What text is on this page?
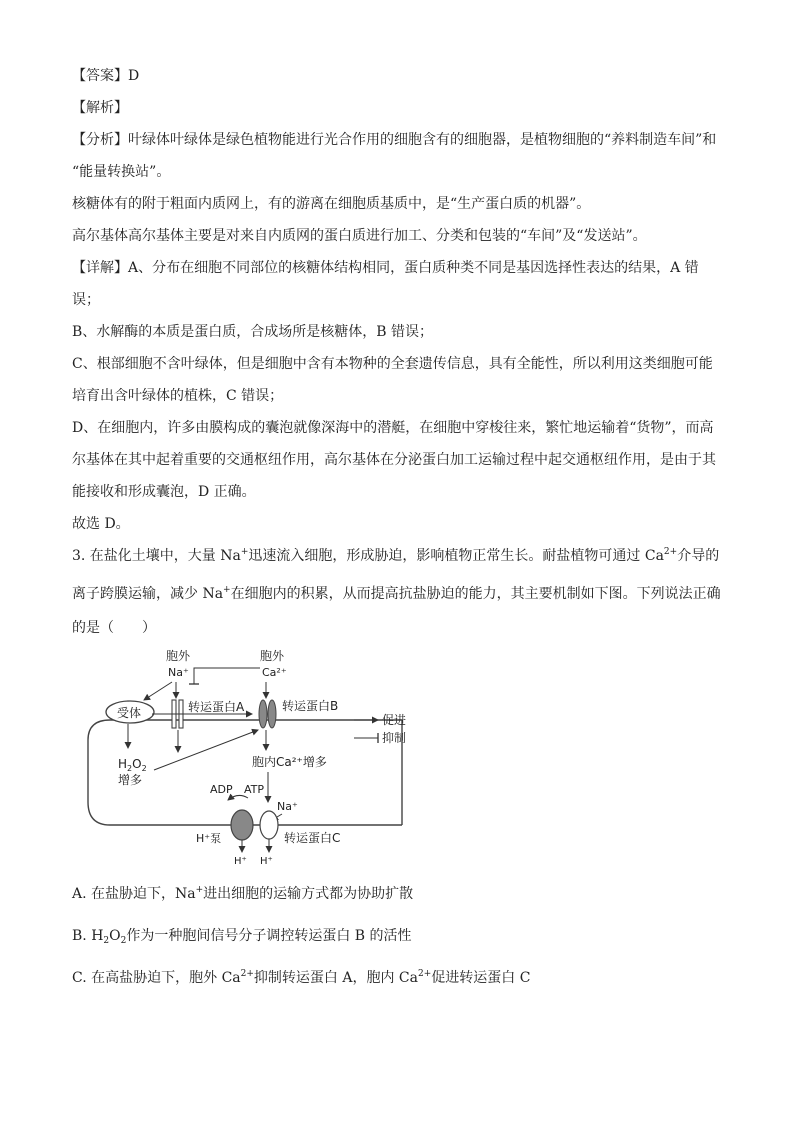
【答案】D
【解析】
【分析】叶绿体叶绿体是绿色植物能进行光合作用的细胞含有的细胞器，是植物细胞的“养料制造车间”和
“能量转换站”。
核糖体有的附于粗面内质网上，有的游离在细胞质基质中，是“生产蛋白质的机器”。
高尔基体高尔基体主要是对来自内质网的蛋白质进行加工、分类和包装的“车间”及“发送站”。
【详解】A、分布在细胞不同部位的核糖体结构相同，蛋白质种类不同是基因选择性表达的结果，A 错
误；
B、水解酶的本质是蛋白质，合成场所是核糖体，B 错误；
C、根部细胞不含叶绿体，但是细胞中含有本物种的全套遗传信息，具有全能性，所以利用这类细胞可能
培育出含叶绿体的植株，C 错误；
D、在细胞内，许多由膜构成的囊泡就像深海中的潜艇，在细胞中穿梭往来，繁忙地运输着“货物”，而高
尔基体在其中起着重要的交通枢纽作用，高尔基体在分泌蛋白加工运输过程中起交通枢纽作用，是由于其
能接收和形成囊泡，D 正确。
故选 D。
3. 在盐化土壤中，大量 Na+迅速流入细胞，形成胁迫，影响植物正常生长。耐盐植物可通过 $Ca^{2+}$介导的
离子跨膜运输，减少 Na+在细胞内的积累，从而提高抗盐胁迫的能力，其主要机制如下图。下列说法正确
的是（　　）
胞外
Na⁺
胞外
Ca²⁺
受体	转运蛋白A	转运蛋白B
$H_2O_2$
增多
胞内Ca²⁺增多
ADP ATP
Na⁺
H⁺泵	转运蛋白C
H⁺ H⁺
促进
抑制
A. 在盐胁迫下，Na+进出细胞的运输方式都为协助扩散
B. $H_2O_2$作为一种胞间信号分子调控转运蛋白 B 的活性
C. 在高盐胁迫下，胞外 $Ca^{2+}$抑制转运蛋白 A，胞内 $Ca^{2+}$促进转运蛋白 C
